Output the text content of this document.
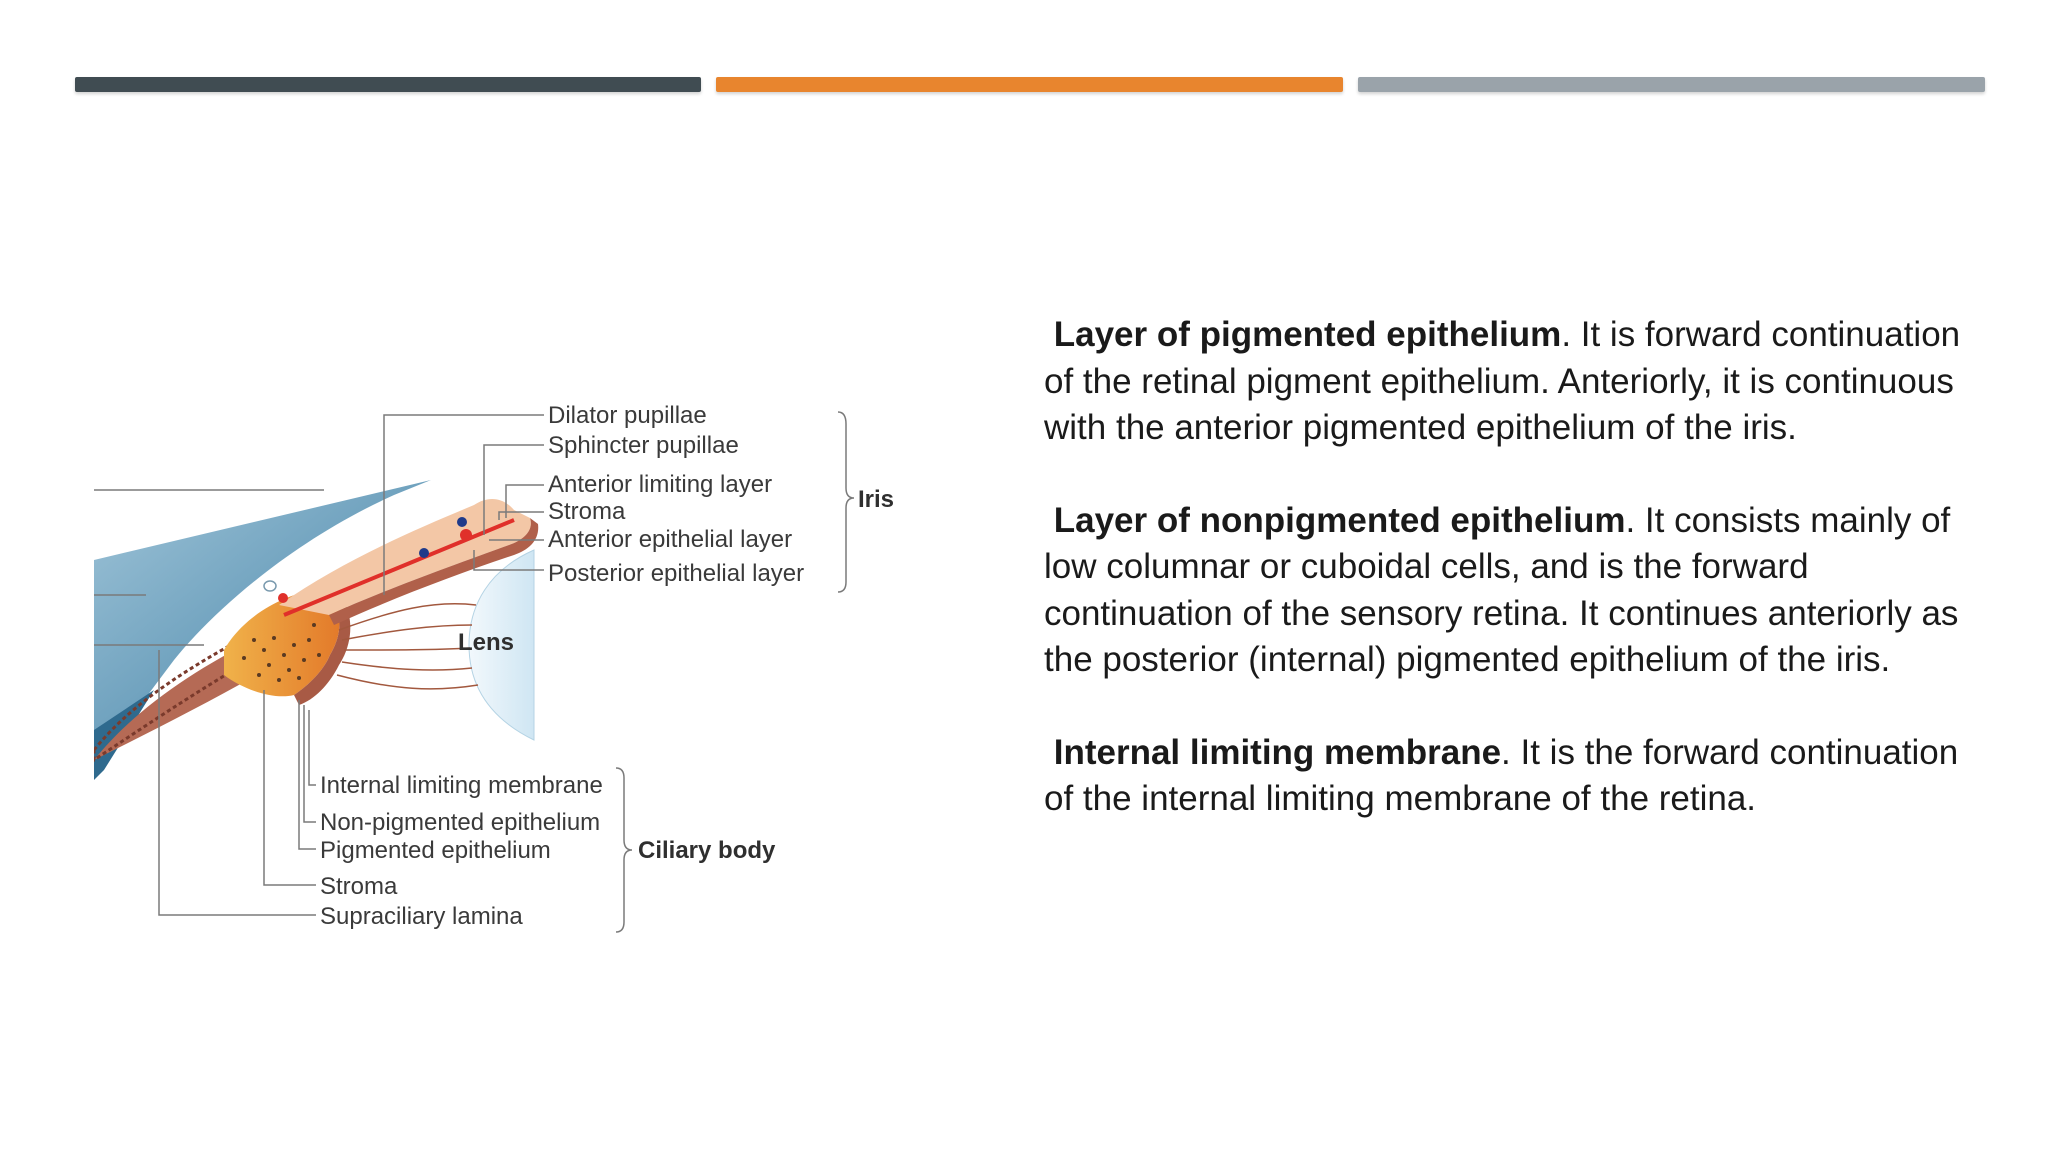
Dilator pupillae
Sphincter pupillae
Anterior limiting layer
Stroma
Anterior epithelial layer
Posterior epithelial layer
Iris
Lens
Internal limiting membrane
Non-pigmented epithelium
Pigmented epithelium
Stroma
Supraciliary lamina
Ciliary body

Layer of pigmented epithelium. It is forward continuation of the retinal pigment epithelium. Anteriorly, it is continuous with the anterior pigmented epithelium of the iris.

Layer of nonpigmented epithelium. It consists mainly of low columnar or cuboidal cells, and is the forward continuation of the sensory retina. It continues anteriorly as the posterior (internal) pigmented epithelium of the iris.

Internal limiting membrane. It is the forward continuation of the internal limiting membrane of the retina.
